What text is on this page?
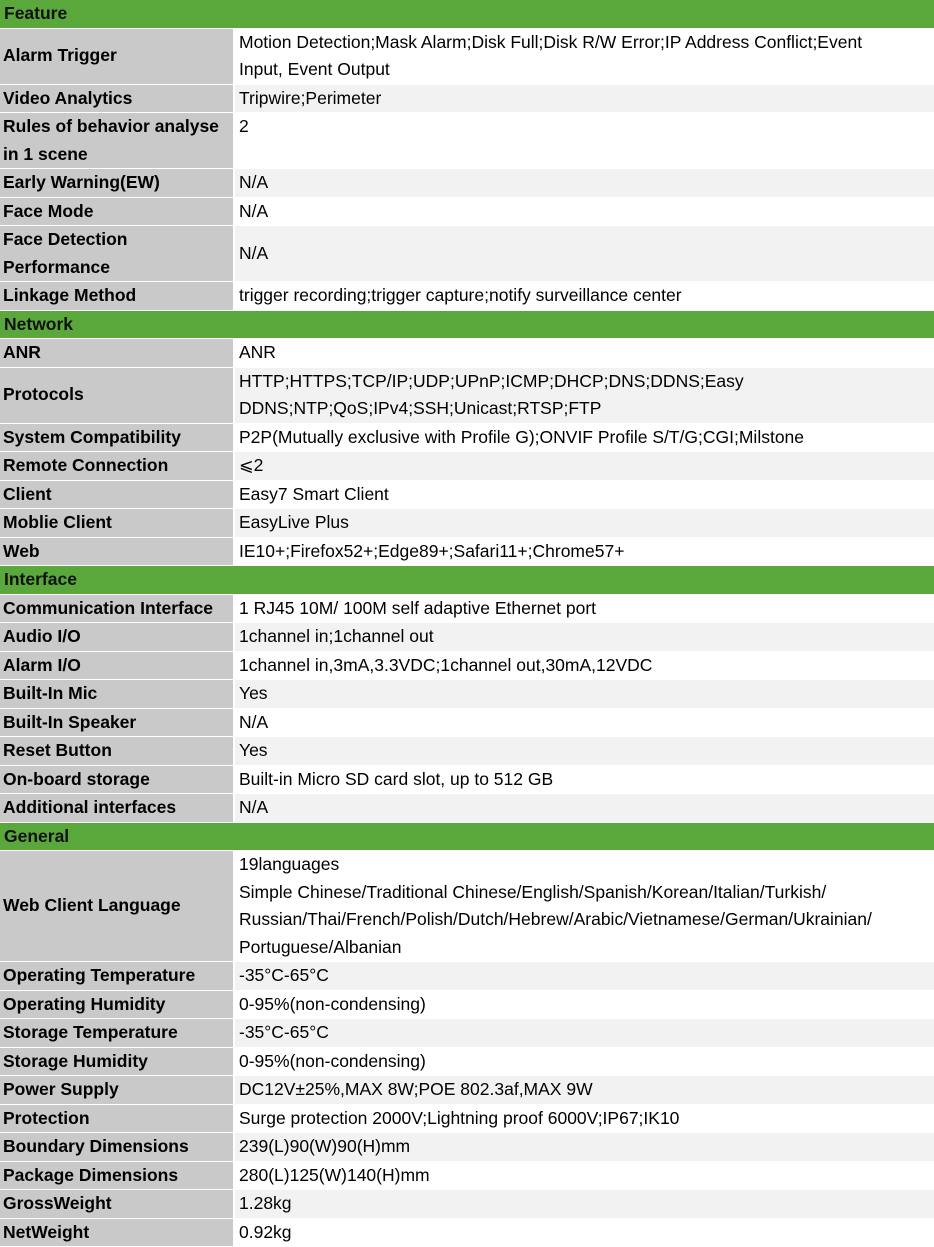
Feature	
Alarm Trigger	Motion Detection;Mask Alarm;Disk Full;Disk R/W Error;IP Address Conflict;Event
Input, Event Output

Video Analytics	Tripwire;Perimeter

Rules of behavior analyse
in 1 scene	2

Early Warning(EW)	N/A

Face Mode	N/A

Face Detection
Performance	N/A

Linkage Method	trigger recording;trigger capture;notify surveillance center

Network	
ANR	ANR

Protocols	HTTP;HTTPS;TCP/IP;UDP;UPnP;ICMP;DHCP;DNS;DDNS;Easy
DDNS;NTP;QoS;IPv4;SSH;Unicast;RTSP;FTP

System Compatibility	P2P(Mutually exclusive with Profile G);ONVIF Profile S/T/G;CGI;Milstone

Remote Connection	⩽2

Client	Easy7 Smart Client

Moblie Client	EasyLive Plus

Web	IE10+;Firefox52+;Edge89+;Safari11+;Chrome57+

Interface	
Communication Interface	1 RJ45 10M/ 100M self adaptive Ethernet port

Audio I/O	1channel in;1channel out

Alarm I/O	1channel in,3mA,3.3VDC;1channel out,30mA,12VDC

Built-In Mic	Yes

Built-In Speaker	N/A

Reset Button	Yes

On-board storage	Built-in Micro SD card slot, up to 512 GB

Additional interfaces	N/A

General	
Web Client Language	19languages
Simple Chinese/Traditional Chinese/English/Spanish/Korean/Italian/Turkish/
Russian/Thai/French/Polish/Dutch/Hebrew/Arabic/Vietnamese/German/Ukrainian/
Portuguese/Albanian

Operating Temperature	-35°C-65°C

Operating Humidity	0-95%(non-condensing)

Storage Temperature	-35°C-65°C

Storage Humidity	0-95%(non-condensing)

Power Supply	DC12V±25%,MAX 8W;POE 802.3af,MAX 9W

Protection	Surge protection 2000V;Lightning proof 6000V;IP67;IK10

Boundary Dimensions	239(L)90(W)90(H)mm

Package Dimensions	280(L)125(W)140(H)mm

GrossWeight	1.28kg

NetWeight	0.92kg
